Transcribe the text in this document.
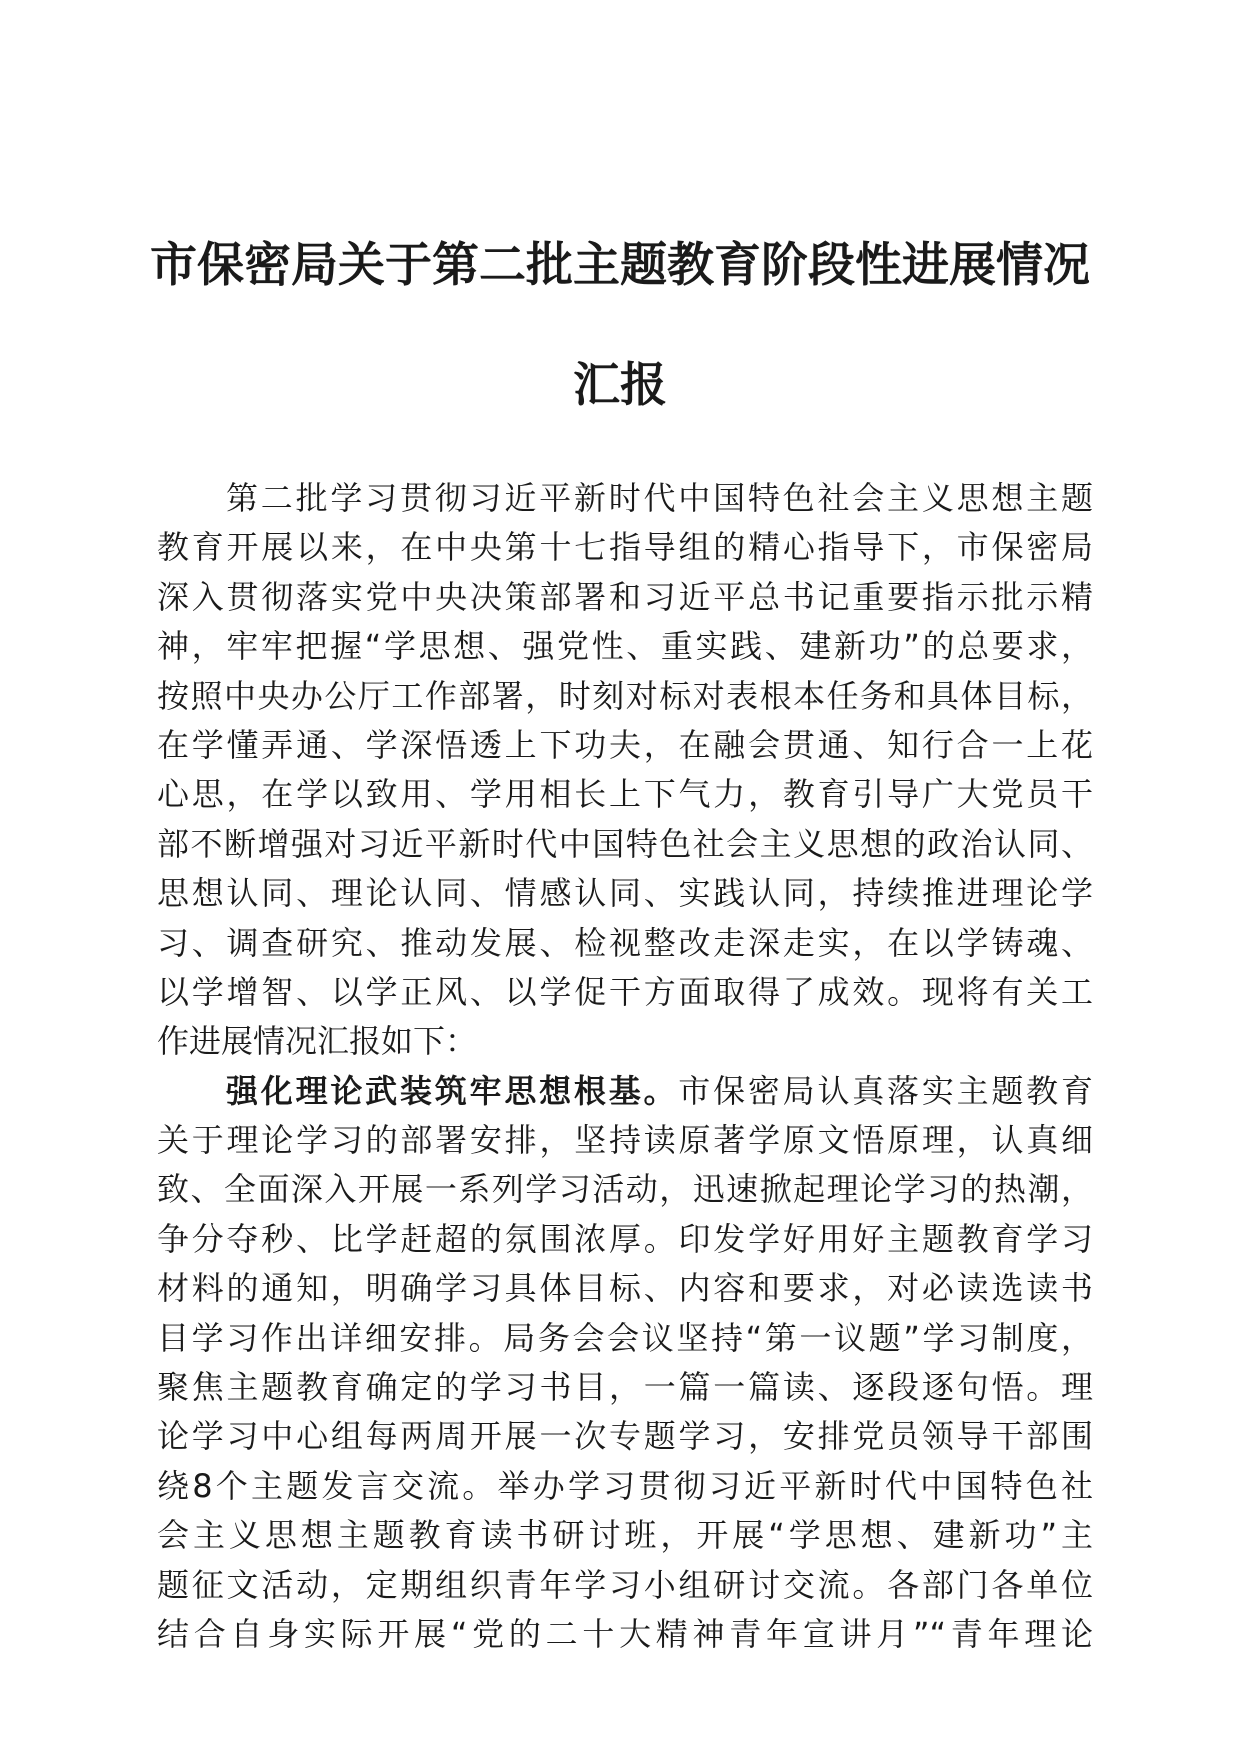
市保密局关于第二批主题教育阶段性进展情况
汇报
第二批学习贯彻习近平新时代中国特色社会主义思想主题
教育开展以来，在中央第十七指导组的精心指导下，市保密局
深入贯彻落实党中央决策部署和习近平总书记重要指示批示精
神，牢牢把握“学思想、强党性、重实践、建新功”的总要求，
按照中央办公厅工作部署，时刻对标对表根本任务和具体目标，
在学懂弄通、学深悟透上下功夫，在融会贯通、知行合一上花
心思，在学以致用、学用相长上下气力，教育引导广大党员干
部不断增强对习近平新时代中国特色社会主义思想的政治认同、
思想认同、理论认同、情感认同、实践认同，持续推进理论学
习、调查研究、推动发展、检视整改走深走实，在以学铸魂、
以学增智、以学正风、以学促干方面取得了成效。现将有关工
作进展情况汇报如下：
强化理论武装筑牢思想根基。市保密局认真落实主题教育
关于理论学习的部署安排，坚持读原著学原文悟原理，认真细
致、全面深入开展一系列学习活动，迅速掀起理论学习的热潮，
争分夺秒、比学赶超的氛围浓厚。印发学好用好主题教育学习
材料的通知，明确学习具体目标、内容和要求，对必读选读书
目学习作出详细安排。局务会会议坚持“第一议题”学习制度，
聚焦主题教育确定的学习书目，一篇一篇读、逐段逐句悟。理
论学习中心组每两周开展一次专题学习，安排党员领导干部围
绕8个主题发言交流。举办学习贯彻习近平新时代中国特色社
会主义思想主题教育读书研讨班，开展“学思想、建新功”主
题征文活动，定期组织青年学习小组研讨交流。各部门各单位
结合自身实际开展“党的二十大精神青年宣讲月”“青年理论
